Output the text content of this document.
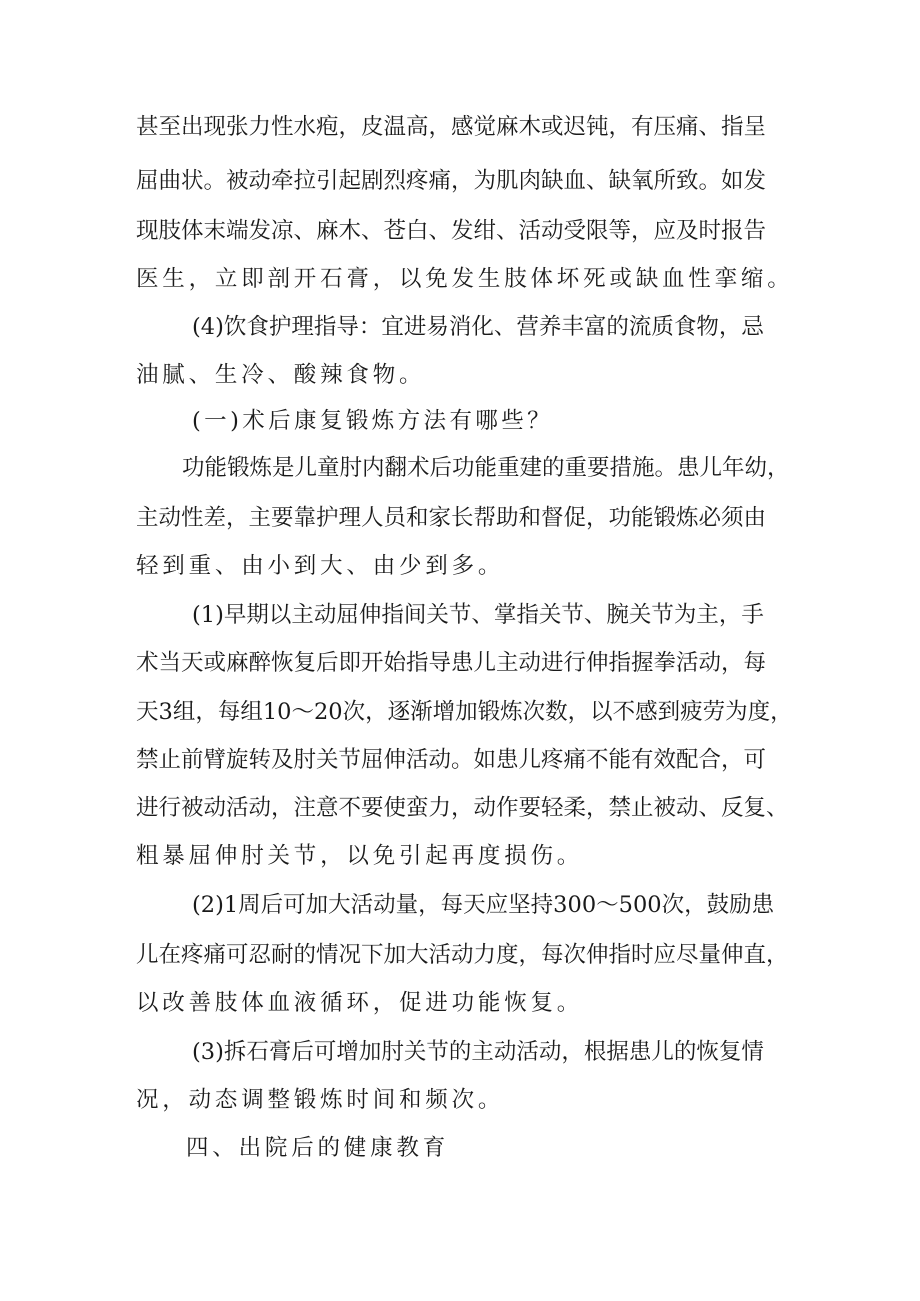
甚至出现张力性水疱，皮温高，感觉麻木或迟钝，有压痛、指呈
屈曲状。被动牵拉引起剧烈疼痛，为肌肉缺血、缺氧所致。如发
现肢体末端发凉、麻木、苍白、发绀、活动受限等，应及时报告
医生，立即剖开石膏，以免发生肢体坏死或缺血性挛缩。
(4)饮食护理指导：宜进易消化、营养丰富的流质食物，忌
油腻、生冷、酸辣食物。
(一)术后康复锻炼方法有哪些？
功能锻炼是儿童肘内翻术后功能重建的重要措施。患儿年幼，
主动性差，主要靠护理人员和家长帮助和督促，功能锻炼必须由
轻到重、由小到大、由少到多。
(1)早期以主动屈伸指间关节、掌指关节、腕关节为主，手
术当天或麻醉恢复后即开始指导患儿主动进行伸指握拳活动，每
天3组，每组10～20次，逐渐增加锻炼次数，以不感到疲劳为度，
禁止前臂旋转及肘关节屈伸活动。如患儿疼痛不能有效配合，可
进行被动活动，注意不要使蛮力，动作要轻柔，禁止被动、反复、
粗暴屈伸肘关节，以免引起再度损伤。
(2)1周后可加大活动量，每天应坚持300～500次，鼓励患
儿在疼痛可忍耐的情况下加大活动力度，每次伸指时应尽量伸直，
以改善肢体血液循环，促进功能恢复。
(3)拆石膏后可增加肘关节的主动活动，根据患儿的恢复情
况，动态调整锻炼时间和频次。
四、出院后的健康教育
